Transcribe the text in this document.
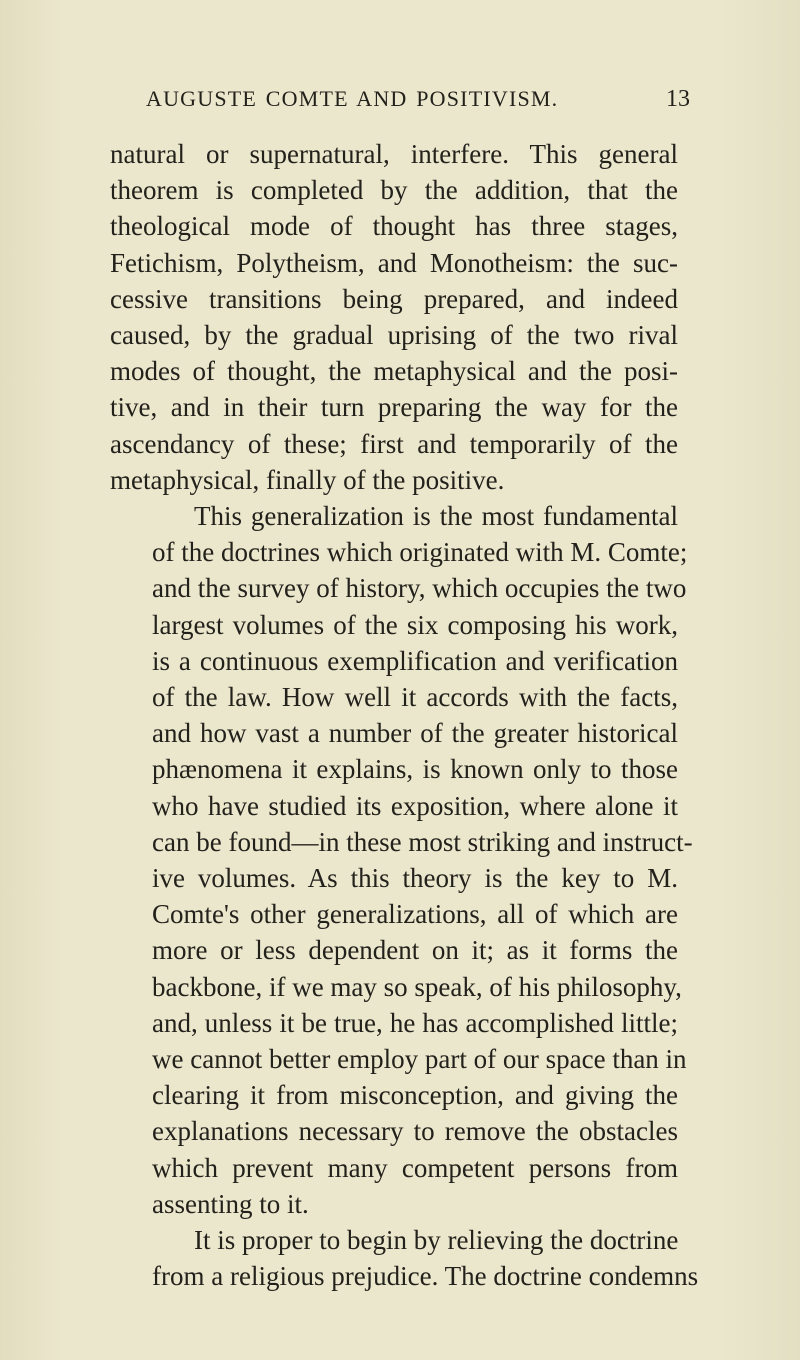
AUGUSTE COMTE AND POSITIVISM.	13

natural or supernatural, interfere. This general
theorem is completed by the addition, that the
theological mode of thought has three stages,
Fetichism, Polytheism, and Monotheism: the suc-
cessive transitions being prepared, and indeed
caused, by the gradual uprising of the two rival
modes of thought, the metaphysical and the posi-
tive, and in their turn preparing the way for the
ascendancy of these; first and temporarily of the
metaphysical, finally of the positive.

This generalization is the most fundamental
of the doctrines which originated with M. Comte;
and the survey of history, which occupies the two
largest volumes of the six composing his work,
is a continuous exemplification and verification
of the law. How well it accords with the facts,
and how vast a number of the greater historical
phænomena it explains, is known only to those
who have studied its exposition, where alone it
can be found—in these most striking and instruct-
ive volumes. As this theory is the key to M.
Comte's other generalizations, all of which are
more or less dependent on it; as it forms the
backbone, if we may so speak, of his philosophy,
and, unless it be true, he has accomplished little;
we cannot better employ part of our space than in
clearing it from misconception, and giving the
explanations necessary to remove the obstacles
which prevent many competent persons from
assenting to it.

It is proper to begin by relieving the doctrine
from a religious prejudice. The doctrine condemns
